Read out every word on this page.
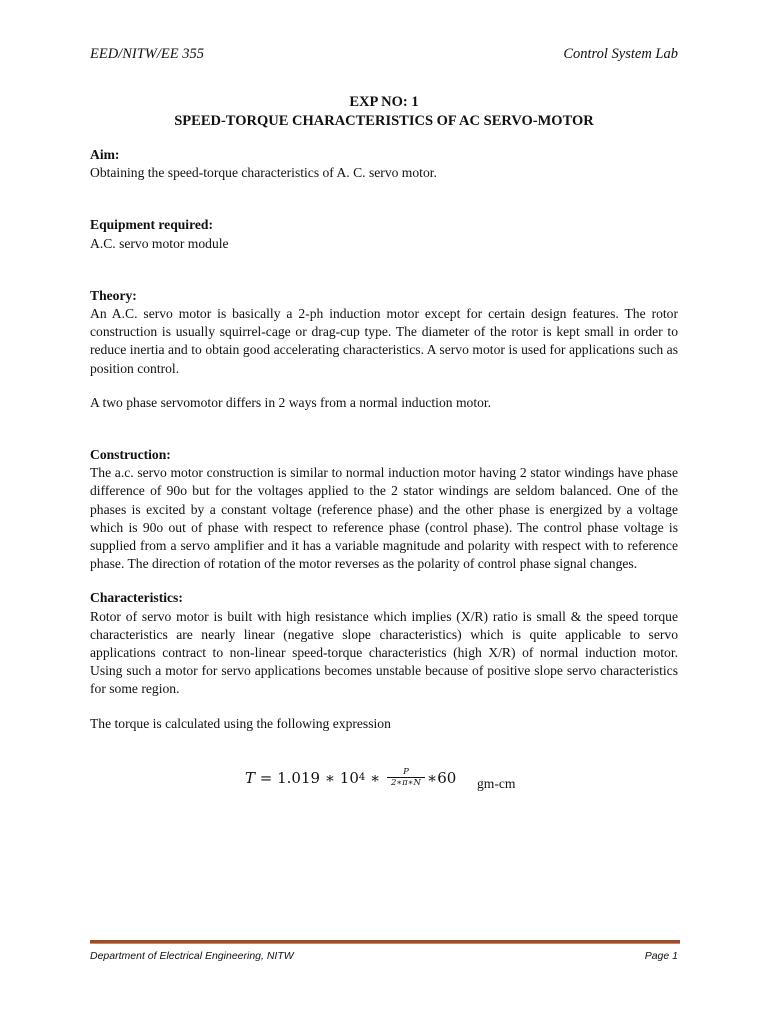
EED/NITW/EE 355	Control System Lab
EXP NO: 1
SPEED-TORQUE CHARACTERISTICS OF AC SERVO-MOTOR

Aim:

Obtaining the speed-torque characteristics of A. C. servo motor.

Equipment required:

A.C. servo motor module

Theory:

An A.C. servo motor is basically a 2-ph induction motor except for certain design features. The rotor construction is usually squirrel-cage or drag-cup type. The diameter of the rotor is kept small in order to reduce inertia and to obtain good accelerating characteristics. A servo motor is used for applications such as position control.

A two phase servomotor differs in 2 ways from a normal induction motor.

Construction:

The a.c. servo motor construction is similar to normal induction motor having 2 stator windings have phase difference of 90o but for the voltages applied to the 2 stator windings are seldom balanced. One of the phases is excited by a constant voltage (reference phase) and the other phase is energized by a voltage which is 90o out of phase with respect to reference phase (control phase). The control phase voltage is supplied from a servo amplifier and it has a variable magnitude and polarity with respect with to reference phase. The direction of rotation of the motor reverses as the polarity of control phase signal changes.

Characteristics:

Rotor of servo motor is built with high resistance which implies (X/R) ratio is small & the speed torque characteristics are nearly linear (negative slope characteristics) which is quite applicable to servo applications contract to non-linear speed-torque characteristics (high X/R) of normal induction motor. Using such a motor for servo applications becomes unstable because of positive slope servo characteristics for some region.

The torque is calculated using the following expression

T = 1.019 ∗ 10 4 ∗ $\frac{P}{2∗\pi∗N}$ ∗60 gm-cm
Department of Electrical Engineering, NITW	Page 1
